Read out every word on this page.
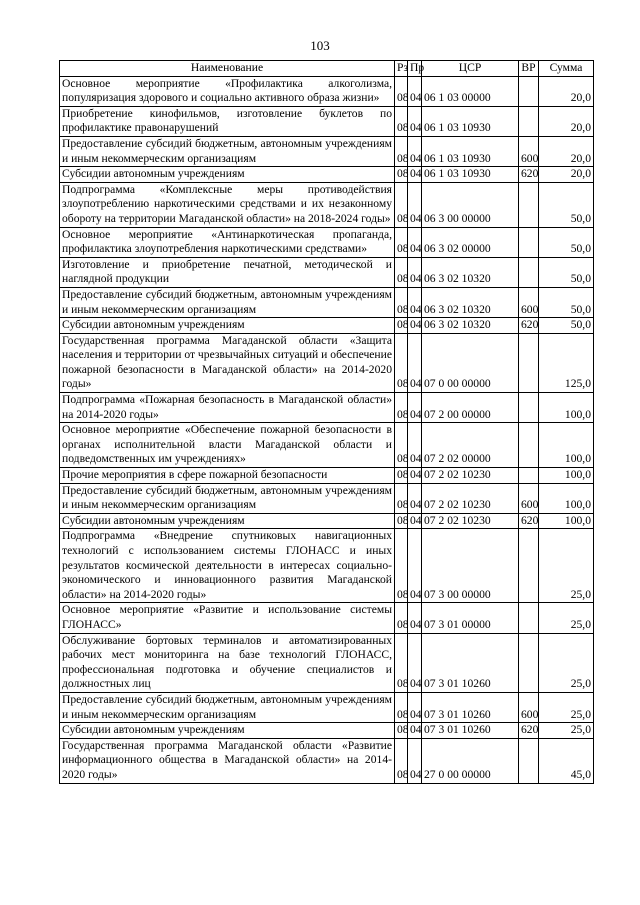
103
Наименование	Рз	Пр	ЦСР	ВР	Сумма
Основное мероприятие «Профилактика алкоголизма, популяризация здорового и социально активного образа жизни»	08	04	06 1 03 00000		20,0
Приобретение кинофильмов, изготовление буклетов по профилактике правонарушений	08	04	06 1 03 10930		20,0
Предоставление субсидий бюджетным, автономным учреждениям и иным некоммерческим организациям	08	04	06 1 03 10930	600	20,0
Субсидии автономным учреждениям	08	04	06 1 03 10930	620	20,0
Подпрограмма «Комплексные меры противодействия злоупотреблению наркотическими средствами и их незаконному обороту на территории Магаданской области» на 2018-2024 годы»	08	04	06 3 00 00000		50,0
Основное мероприятие «Антинаркотическая пропаганда, профилактика злоупотребления наркотическими средствами»	08	04	06 3 02 00000		50,0
Изготовление и приобретение печатной, методической и наглядной продукции	08	04	06 3 02 10320		50,0
Предоставление субсидий бюджетным, автономным учреждениям и иным некоммерческим организациям	08	04	06 3 02 10320	600	50,0
Субсидии автономным учреждениям	08	04	06 3 02 10320	620	50,0
Государственная программа Магаданской области «Защита населения и территории от чрезвычайных ситуаций и обеспечение пожарной безопасности в Магаданской области» на 2014-2020 годы»	08	04	07 0 00 00000		125,0
Подпрограмма «Пожарная безопасность в Магаданской области» на 2014-2020 годы»	08	04	07 2 00 00000		100,0
Основное мероприятие «Обеспечение пожарной безопасности в органах исполнительной власти Магаданской области и подведомственных им учреждениях»	08	04	07 2 02 00000		100,0
Прочие мероприятия в сфере пожарной безопасности	08	04	07 2 02 10230		100,0
Предоставление субсидий бюджетным, автономным учреждениям и иным некоммерческим организациям	08	04	07 2 02 10230	600	100,0
Субсидии автономным учреждениям	08	04	07 2 02 10230	620	100,0
Подпрограмма «Внедрение спутниковых навигационных технологий с использованием системы ГЛОНАСС и иных результатов космической деятельности в интересах социально-экономического и инновационного развития Магаданской области» на 2014-2020 годы»	08	04	07 3 00 00000		25,0
Основное мероприятие «Развитие и использование системы ГЛОНАСС»	08	04	07 3 01 00000		25,0
Обслуживание бортовых терминалов и автоматизированных рабочих мест мониторинга на базе технологий ГЛОНАСС, профессиональная подготовка и обучение специалистов и должностных лиц	08	04	07 3 01 10260		25,0
Предоставление субсидий бюджетным, автономным учреждениям и иным некоммерческим организациям	08	04	07 3 01 10260	600	25,0
Субсидии автономным учреждениям	08	04	07 3 01 10260	620	25,0
Государственная программа Магаданской области «Развитие информационного общества в Магаданской области» на 2014-2020 годы»	08	04	27 0 00 00000		45,0
